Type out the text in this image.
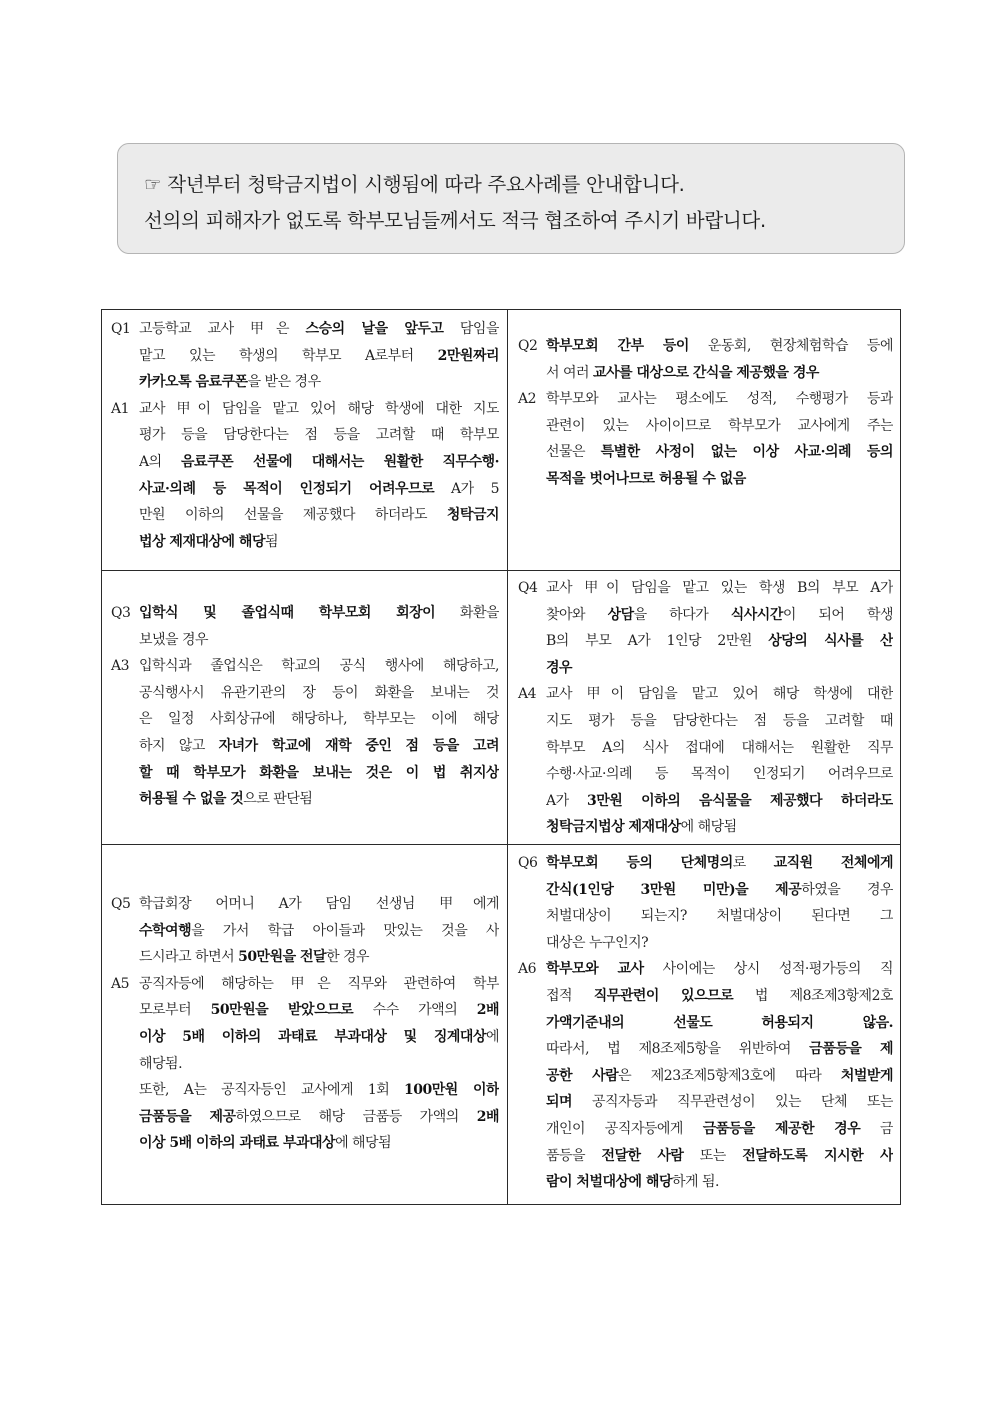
☞ 작년부터 청탁금지법이 시행됨에 따라 주요사례를 안내합니다.
선의의 피해자가 없도록 학부모님들께서도 적극 협조하여 주시기 바랍니다.
Q1 고등학교 교사 甲은 스승의 날을 앞두고 담임을
맡고 있는 학생의 학부모 A로부터 2만원짜리
카카오톡 음료쿠폰을 받은 경우
A1 교사 甲이 담임을 맡고 있어 해당 학생에 대한 지도
평가 등을 담당한다는 점 등을 고려할 때 학부모
A의 음료쿠폰 선물에 대해서는 원활한 직무수행·
사교·의례 등 목적이 인정되기 어려우므로 A가 5
만원 이하의 선물을 제공했다 하더라도 청탁금지
법상 제재대상에 해당됨
Q2 학부모회 간부 등이 운동회, 현장체험학습 등에
서 여러 교사를 대상으로 간식을 제공했을 경우
A2 학부모와 교사는 평소에도 성적, 수행평가 등과
관련이 있는 사이이므로 학부모가 교사에게 주는
선물은 특별한 사정이 없는 이상 사교·의례 등의
목적을 벗어나므로 허용될 수 없음
Q3 입학식 및 졸업식때 학부모회 회장이 화환을
보냈을 경우
A3 입학식과 졸업식은 학교의 공식 행사에 해당하고,
공식행사시 유관기관의 장 등이 화환을 보내는 것
은 일정 사회상규에 해당하나, 학부모는 이에 해당
하지 않고 자녀가 학교에 재학 중인 점 등을 고려
할 때 학부모가 화환을 보내는 것은 이 법 취지상
허용될 수 없을 것으로 판단됨
Q4 교사 甲이 담임을 맡고 있는 학생 B의 부모 A가
찾아와 상담을 하다가 식사시간이 되어 학생
B의 부모 A가 1인당 2만원 상당의 식사를 산
경우
A4 교사 甲이 담임을 맡고 있어 해당 학생에 대한
지도 평가 등을 담당한다는 점 등을 고려할 때
학부모 A의 식사 접대에 대해서는 원활한 직무
수행·사교·의례 등 목적이 인정되기 어려우므로
A가 3만원 이하의 음식물을 제공했다 하더라도
청탁금지법상 제재대상에 해당됨
Q5 학급회장 어머니 A가 담임 선생님 甲에게
수학여행을 가서 학급 아이들과 맛있는 것을 사
드시라고 하면서 50만원을 전달한 경우
A5 공직자등에 해당하는 甲은 직무와 관련하여 학부
모로부터 50만원을 받았으므로 수수 가액의 2배
이상 5배 이하의 과태료 부과대상 및 징계대상에
해당됨.
또한, A는 공직자등인 교사에게 1회 100만원 이하
금품등을 제공하였으므로 해당 금품등 가액의 2배
이상 5배 이하의 과태료 부과대상에 해당됨
Q6 학부모회 등의 단체명의로 교직원 전체에게
간식(1인당 3만원 미만)을 제공하였을 경우
처벌대상이 되는지? 처벌대상이 된다면 그
대상은 누구인지?
A6 학부모와 교사 사이에는 상시 성적·평가등의 직
접적 직무관련이 있으므로 법 제8조제3항제2호
가액기준내의 선물도 허용되지 않음.
따라서, 법 제8조제5항을 위반하여 금품등을 제
공한 사람은 제23조제5항제3호에 따라 처벌받게
되며 공직자등과 직무관련성이 있는 단체 또는
개인이 공직자등에게 금품등을 제공한 경우 금
품등을 전달한 사람 또는 전달하도록 지시한 사
람이 처벌대상에 해당하게 됨.
